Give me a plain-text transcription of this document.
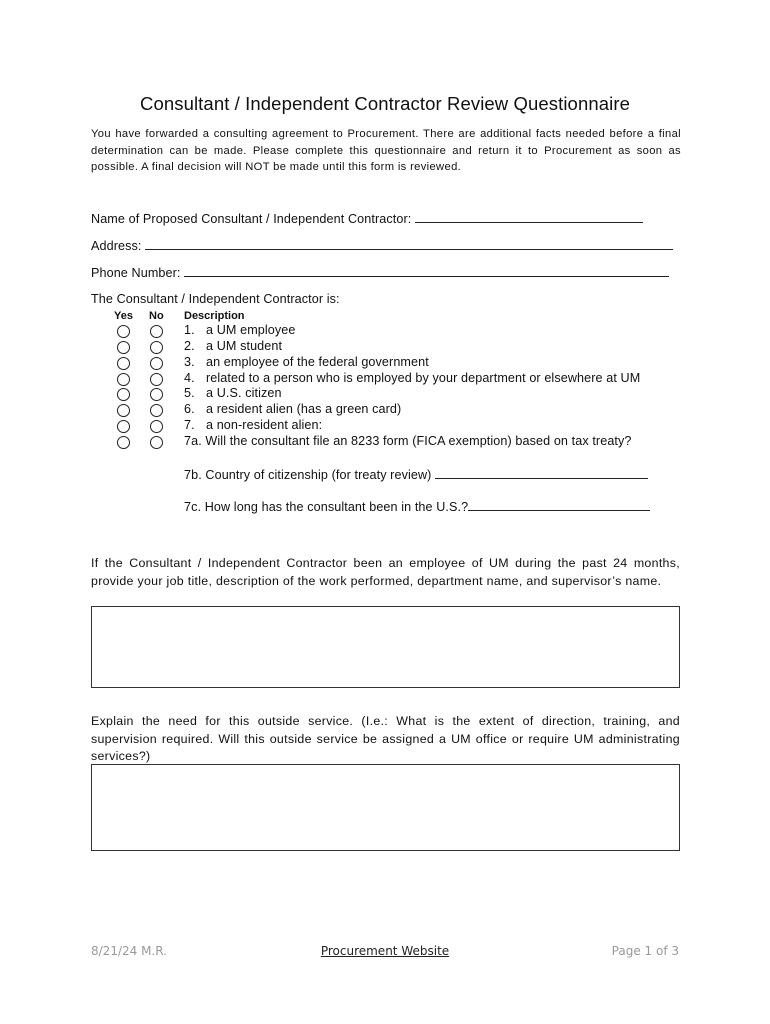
Consultant / Independent Contractor Review Questionnaire
You have forwarded a consulting agreement to Procurement. There are additional facts needed before a final determination can be made. Please complete this questionnaire and return it to Procurement as soon as possible. A final decision will NOT be made until this form is reviewed.
Name of Proposed Consultant / Independent Contractor:
Address:
Phone Number:
The Consultant / Independent Contractor is:
Yes No Description
1. a UM employee
2. a UM student
3. an employee of the federal government
4. related to a person who is employed by your department or elsewhere at UM
5. a U.S. citizen
6. a resident alien (has a green card)
7. a non-resident alien:
7a. Will the consultant file an 8233 form (FICA exemption) based on tax treaty?
7b. Country of citizenship (for treaty review)
7c. How long has the consultant been in the U.S.?
If the Consultant / Independent Contractor been an employee of UM during the past 24 months, provide your job title, description of the work performed, department name, and supervisor’s name.
Explain the need for this outside service. (I.e.: What is the extent of direction, training, and supervision required. Will this outside service be assigned a UM office or require UM administrating services?)
8/21/24 M.R.	Procurement Website	Page 1 of 3
